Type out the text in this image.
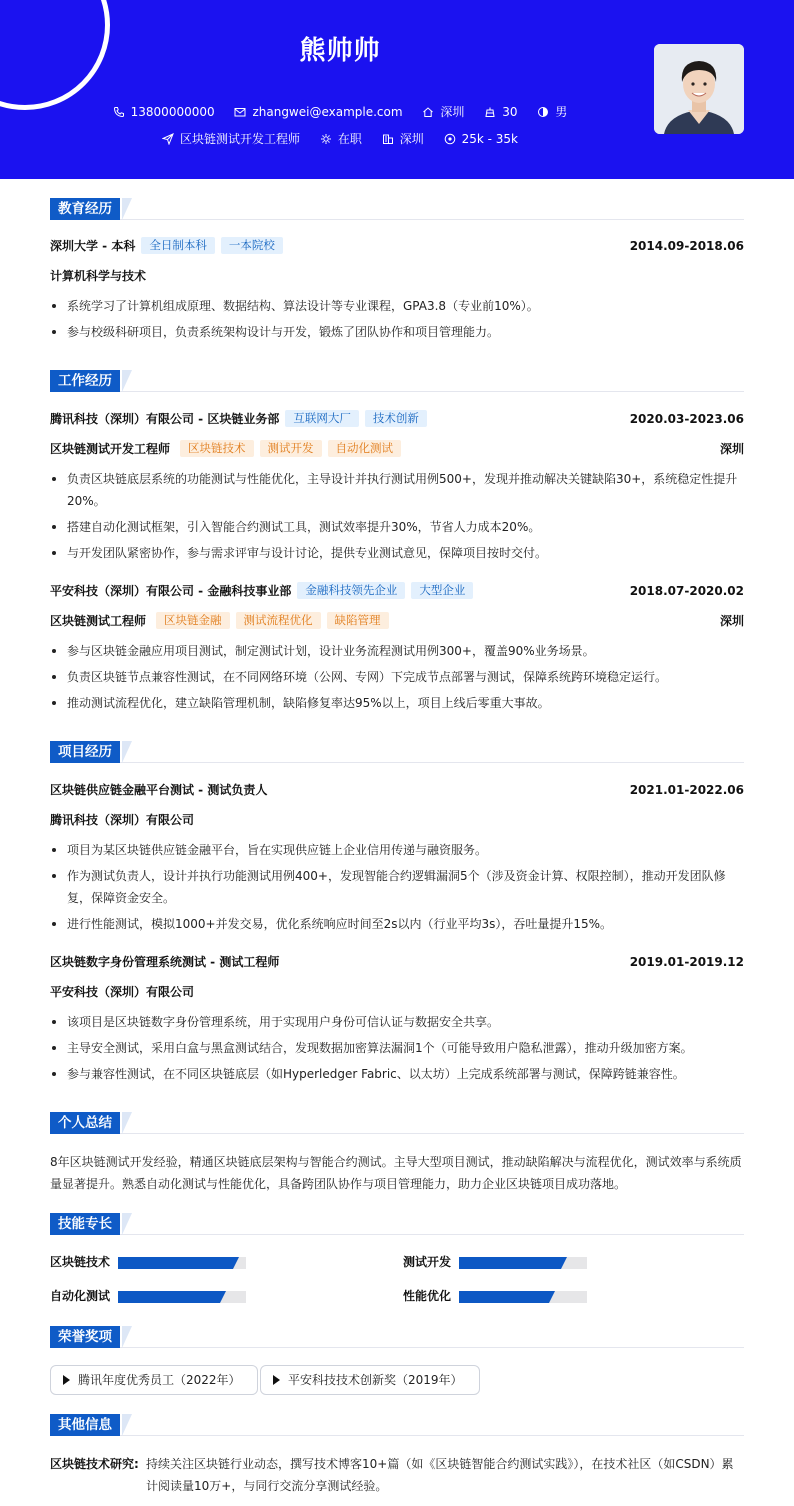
熊帅帅
13800000000
	zhangwei@example.com
	深圳
	30
	男
区块链测试开发工程师
	在职
	深圳
	25k - 35k
教育经历
深圳大学 - 本科 全日制本科 一本院校	2014.09-2018.06
计算机科学与技术
系统学习了计算机组成原理、数据结构、算法设计等专业课程，GPA3.8（专业前10%）。
参与校级科研项目，负责系统架构设计与开发，锻炼了团队协作和项目管理能力。
工作经历
腾讯科技（深圳）有限公司 - 区块链业务部 互联网大厂 技术创新	2020.03-2023.06
区块链测试开发工程师 区块链技术 测试开发 自动化测试	深圳
负责区块链底层系统的功能测试与性能优化，主导设计并执行测试用例500+，发现并推动解决关键缺陷30+，系统稳定性提升20%。
搭建自动化测试框架，引入智能合约测试工具，测试效率提升30%，节省人力成本20%。
与开发团队紧密协作，参与需求评审与设计讨论，提供专业测试意见，保障项目按时交付。
平安科技（深圳）有限公司 - 金融科技事业部 金融科技领先企业 大型企业	2018.07-2020.02
区块链测试工程师 区块链金融 测试流程优化 缺陷管理	深圳
参与区块链金融应用项目测试，制定测试计划，设计业务流程测试用例300+，覆盖90%业务场景。
负责区块链节点兼容性测试，在不同网络环境（公网、专网）下完成节点部署与测试，保障系统跨环境稳定运行。
推动测试流程优化，建立缺陷管理机制，缺陷修复率达95%以上，项目上线后零重大事故。
项目经历
区块链供应链金融平台测试 - 测试负责人	2021.01-2022.06
腾讯科技（深圳）有限公司
项目为某区块链供应链金融平台，旨在实现供应链上企业信用传递与融资服务。
作为测试负责人，设计并执行功能测试用例400+，发现智能合约逻辑漏洞5个（涉及资金计算、权限控制），推动开发团队修复，保障资金安全。
进行性能测试，模拟1000+并发交易，优化系统响应时间至2s以内（行业平均3s），吞吐量提升15%。
区块链数字身份管理系统测试 - 测试工程师	2019.01-2019.12
平安科技（深圳）有限公司
该项目是区块链数字身份管理系统，用于实现用户身份可信认证与数据安全共享。
主导安全测试，采用白盒与黑盒测试结合，发现数据加密算法漏洞1个（可能导致用户隐私泄露），推动升级加密方案。
参与兼容性测试，在不同区块链底层（如Hyperledger Fabric、以太坊）上完成系统部署与测试，保障跨链兼容性。
个人总结
8年区块链测试开发经验，精通区块链底层架构与智能合约测试。主导大型项目测试，推动缺陷解决与流程优化，测试效率与系统质量显著提升。熟悉自动化测试与性能优化，具备跨团队协作与项目管理能力，助力企业区块链项目成功落地。
技能专长
区块链技术	测试开发
自动化测试	性能优化
荣誉奖项
腾讯年度优秀员工（2022年）	平安科技技术创新奖（2019年）
其他信息
区块链技术研究: 持续关注区块链行业动态，撰写技术博客10+篇（如《区块链智能合约测试实践》），在技术社区（如CSDN）累计阅读量10万+，与同行交流分享测试经验。
